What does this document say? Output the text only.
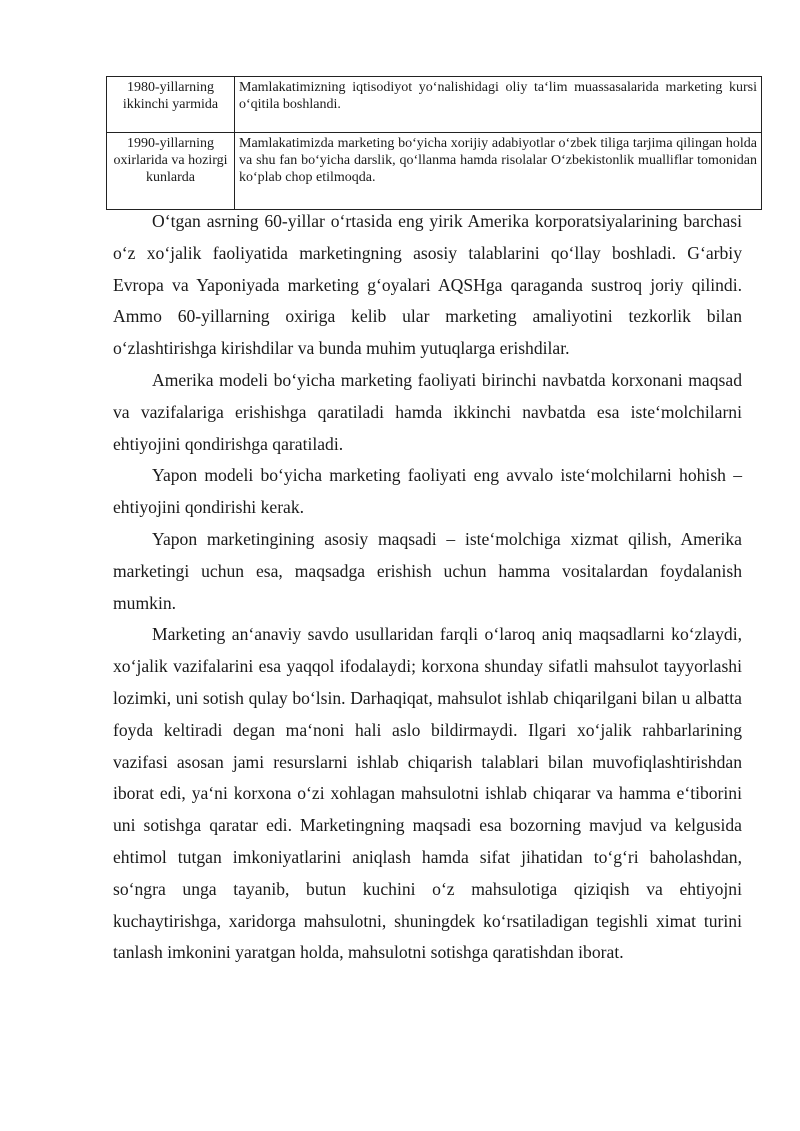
1980-yillarning ikkinchi yarmida	Mamlakatimizning iqtisodiyot yo‘nalishidagi oliy ta‘lim muassasalarida marketing kursi o‘qitila boshlandi.
1990-yillarning oxirlarida va hozirgi kunlarda	Mamlakatimizda marketing bo‘yicha xorijiy adabiyotlar o‘zbek tiliga tarjima qilingan holda va shu fan bo‘yicha darslik, qo‘llanma hamda risolalar O‘zbekistonlik mualliflar tomonidan ko‘plab chop etilmoqda.

O‘tgan asrning 60-yillar o‘rtasida eng yirik Amerika korporatsiyalarining barchasi o‘z xo‘jalik faoliyatida marketingning asosiy talablarini qo‘llay boshladi. G‘arbiy Evropa va Yaponiyada marketing g‘oyalari AQSHga qaraganda sustroq joriy qilindi. Ammo 60-yillarning oxiriga kelib ular marketing amaliyotini tezkorlik bilan o‘zlashtirishga kirishdilar va bunda muhim yutuqlarga erishdilar.

Amerika modeli bo‘yicha marketing faoliyati birinchi navbatda korxonani maqsad va vazifalariga erishishga qaratiladi hamda ikkinchi navbatda esa iste‘molchilarni ehtiyojini qondirishga qaratiladi.

Yapon modeli bo‘yicha marketing faoliyati eng avvalo iste‘molchilarni hohish – ehtiyojini qondirishi kerak.

Yapon marketingining asosiy maqsadi – iste‘molchiga xizmat qilish, Amerika marketingi uchun esa, maqsadga erishish uchun hamma vositalardan foydalanish mumkin.

Marketing an‘anaviy savdo usullaridan farqli o‘laroq aniq maqsadlarni ko‘zlaydi, xo‘jalik vazifalarini esa yaqqol ifodalaydi; korxona shunday sifatli mahsulot tayyorlashi lozimki, uni sotish qulay bo‘lsin. Darhaqiqat, mahsulot ishlab chiqarilgani bilan u albatta foyda keltiradi degan ma‘noni hali aslo bildirmaydi. Ilgari xo‘jalik rahbarlarining vazifasi asosan jami resurslarni ishlab chiqarish talablari bilan muvofiqlashtirishdan iborat edi, ya‘ni korxona o‘zi xohlagan mahsulotni ishlab chiqarar va hamma e‘tiborini uni sotishga qaratar edi. Marketingning maqsadi esa bozorning mavjud va kelgusida ehtimol tutgan imkoniyatlarini aniqlash hamda sifat jihatidan to‘g‘ri baholashdan, so‘ngra unga tayanib, butun kuchini o‘z mahsulotiga qiziqish va ehtiyojni kuchaytirishga, xaridorga mahsulotni, shuningdek ko‘rsatiladigan tegishli ximat turini tanlash imkonini yaratgan holda, mahsulotni sotishga qaratishdan iborat.
